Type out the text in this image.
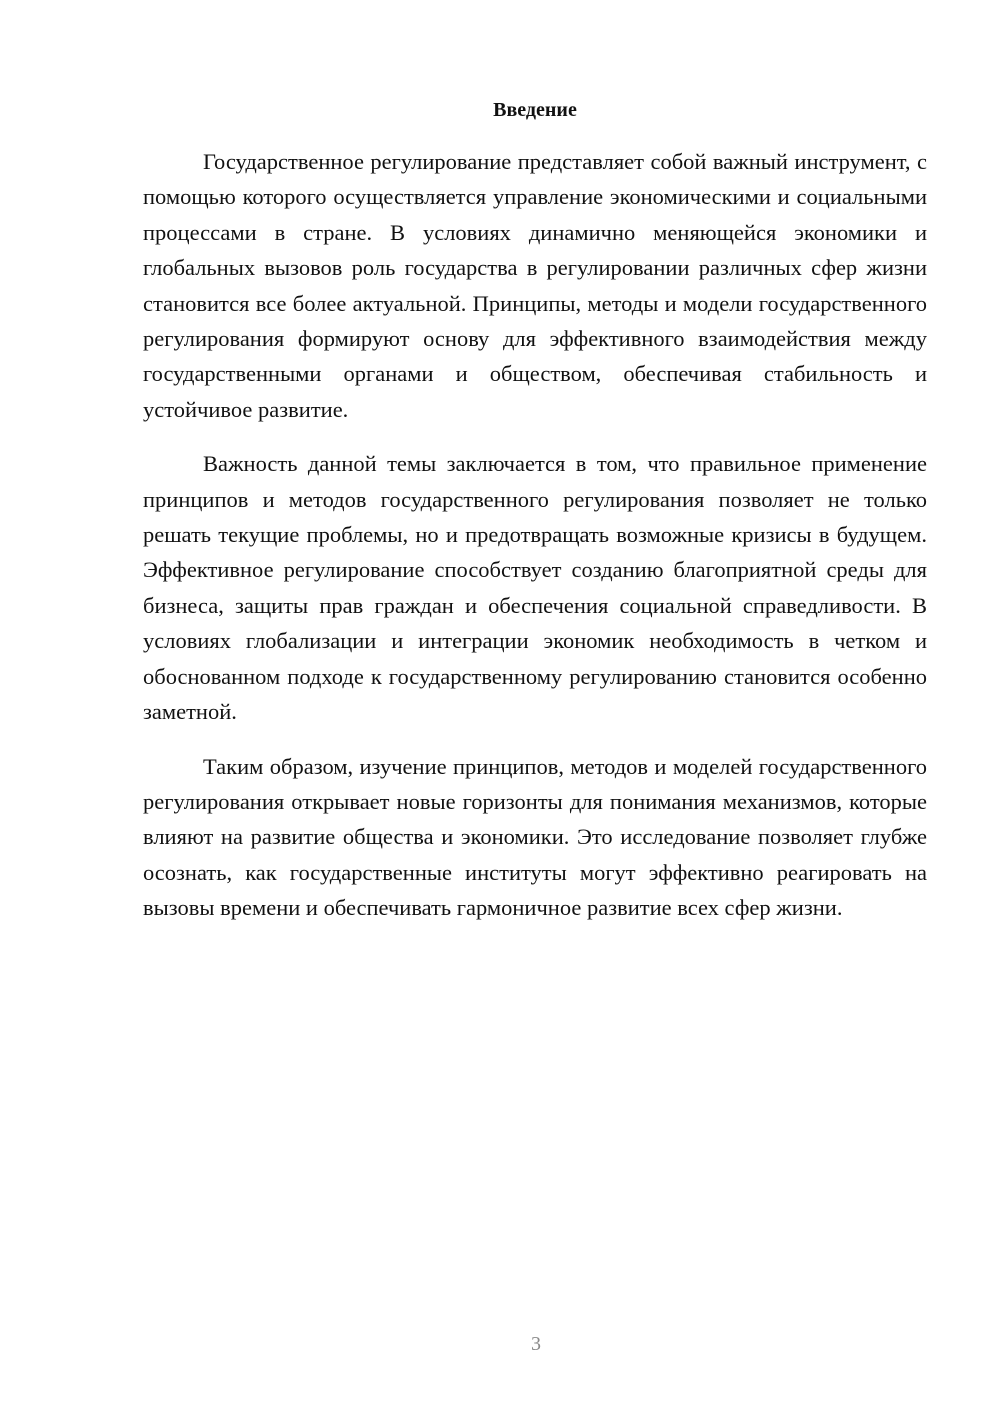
Введение

Государственное регулирование представляет собой важный инструмент, с помощью которого осуществляется управление экономическими и социальными процессами в стране. В условиях динамично меняющейся экономики и глобальных вызовов роль государства в регулировании различных сфер жизни становится все более актуальной. Принципы, методы и модели государственного регулирования формируют основу для эффективного взаимодействия между государственными органами и обществом, обеспечивая стабильность и устойчивое развитие.

Важность данной темы заключается в том, что правильное применение принципов и методов государственного регулирования позволяет не только решать текущие проблемы, но и предотвращать возможные кризисы в будущем. Эффективное регулирование способствует созданию благоприятной среды для бизнеса, защиты прав граждан и обеспечения социальной справедливости. В условиях глобализации и интеграции экономик необходимость в четком и обоснованном подходе к государственному регулированию становится особенно заметной.

Таким образом, изучение принципов, методов и моделей государственного регулирования открывает новые горизонты для понимания механизмов, которые влияют на развитие общества и экономики. Это исследование позволяет глубже осознать, как государственные институты могут эффективно реагировать на вызовы времени и обеспечивать гармоничное развитие всех сфер жизни.

3
